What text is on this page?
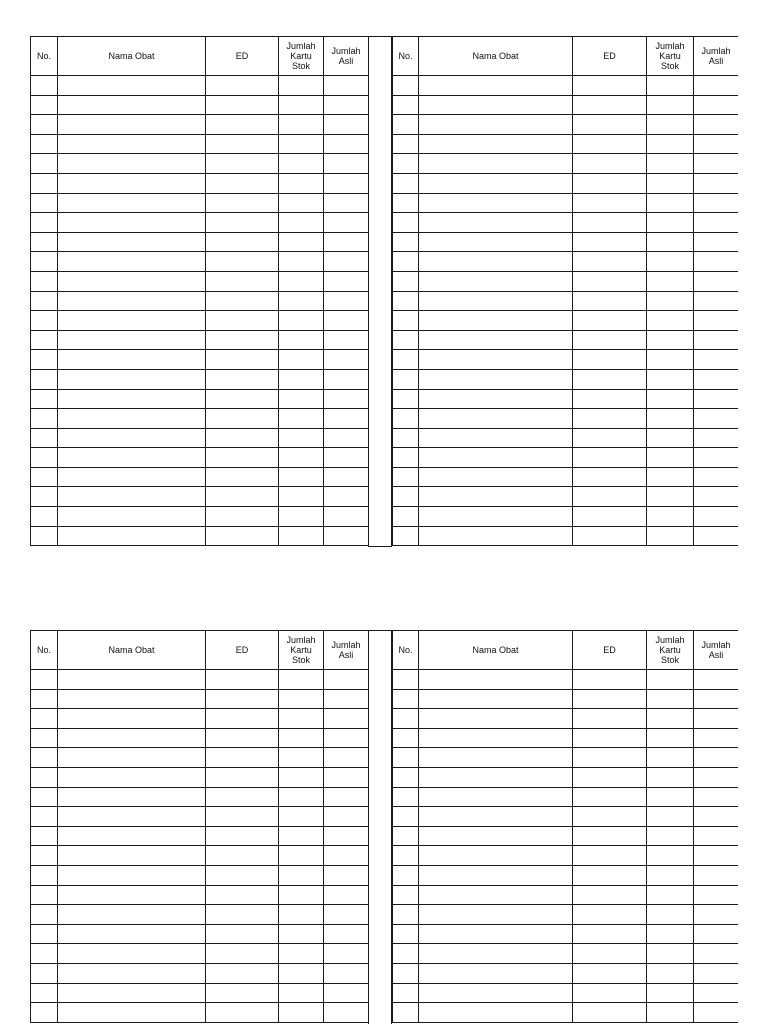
No.	Nama Obat	ED	Jumlah Kartu Stok	Jumlah Asli

					No.	Nama Obat	ED	Jumlah Kartu Stok	Jumlah Asli

No.	Nama Obat	ED	Jumlah Kartu Stok	Jumlah Asli

					No.	Nama Obat	ED	Jumlah Kartu Stok	Jumlah Asli
